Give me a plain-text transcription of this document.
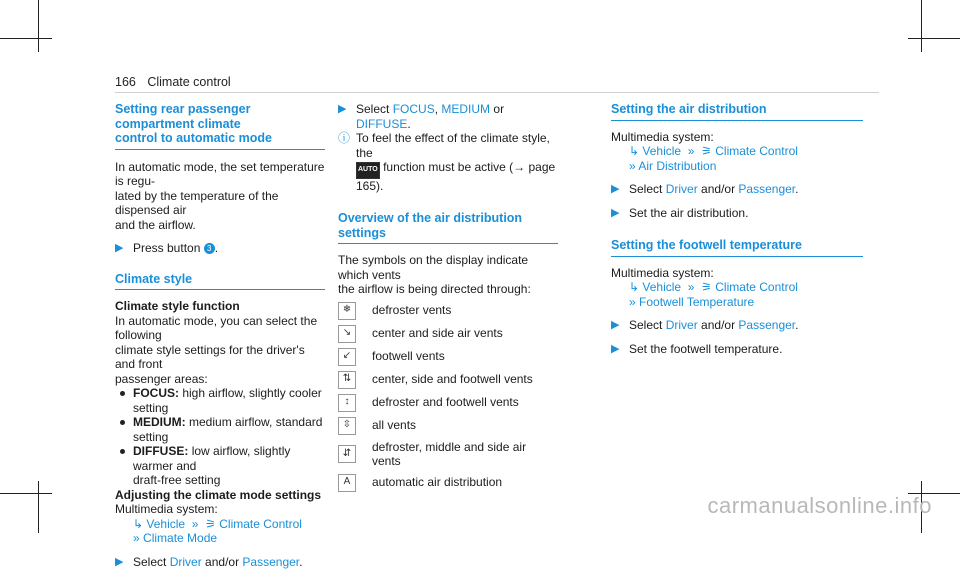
166 Climate control
Setting rear passenger compartment climate
control to automatic mode
In automatic mode, the set temperature is regu-
lated by the temperature of the dispensed air
and the airflow.
▶ Press button 3 .
Climate style
Climate style function
In automatic mode, you can select the following
climate style settings for the driver's and front
passenger areas:
FOCUS: high airflow, slightly cooler setting
MEDIUM: medium airflow, standard setting
DIFFUSE: low airflow, slightly warmer and
draft-free setting
Adjusting the climate mode settings
Multimedia system:
↳ Vehicle » ⚞ Climate Control
» Climate Mode
▶ Select Driver and/or Passenger.
▶ Select FOCUS, MEDIUM or DIFFUSE.
ⓘ To feel the effect of the climate style, the
AUTO function must be active (→ page 165).
Overview of the air distribution settings
The symbols on the display indicate which vents
the airflow is being directed through:
❄	defroster vents
↘	center and side air vents
↙	footwell vents
⇅	center, side and footwell vents
↕	defroster and footwell vents
⇳	all vents
⇵	defroster, middle and side air vents
A	automatic air distribution
Setting the air distribution
Multimedia system:
↳ Vehicle » ⚞ Climate Control
» Air Distribution
▶ Select Driver and/or Passenger.
▶ Set the air distribution.
Setting the footwell temperature
Multimedia system:
↳ Vehicle » ⚞ Climate Control
» Footwell Temperature
▶ Select Driver and/or Passenger.
▶ Set the footwell temperature.
carmanualsonline.info
